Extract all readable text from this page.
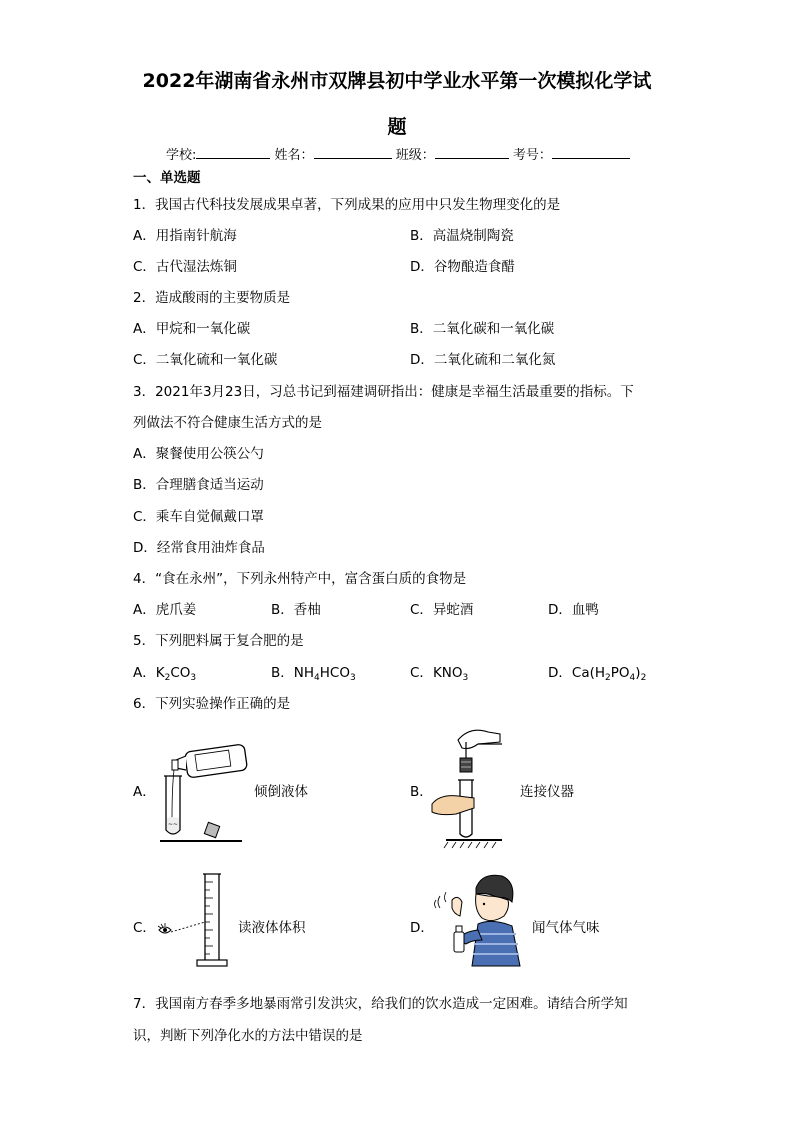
2022年湖南省永州市双牌县初中学业水平第一次模拟化学试
题
学校:	姓名：	班级：	考号：
一、单选题
1．我国古代科技发展成果卓著，下列成果的应用中只发生物理变化的是
A．用指南针航海	B．高温烧制陶瓷
C．古代湿法炼铜	D．谷物酿造食醋
2．造成酸雨的主要物质是
A．甲烷和一氧化碳	B．二氧化碳和一氧化碳
C．二氧化硫和一氧化碳	D．二氧化硫和二氧化氮
3．2021年3月23日，习总书记到福建调研指出：健康是幸福生活最重要的指标。下
列做法不符合健康生活方式的是
A．聚餐使用公筷公勺
B．合理膳食适当运动
C．乘车自觉佩戴口罩
D．经常食用油炸食品
4．“食在永州”，下列永州特产中，富含蛋白质的食物是
A．虎爪姜	B．香柚	C．异蛇酒	D．血鸭
5．下列肥料属于复合肥的是
A．$K_2CO_3$	B．$NH_4HCO_3$	C．$KNO_3$	D．$Ca(H_2PO_4)_2$
6．下列实验操作正确的是
A．
~~
倾倒液体	B．	连接仪器
C．	读液体体积	D．	闻气体气味
7．我国南方春季多地暴雨常引发洪灾，给我们的饮水造成一定困难。请结合所学知
识，判断下列净化水的方法中错误的是
